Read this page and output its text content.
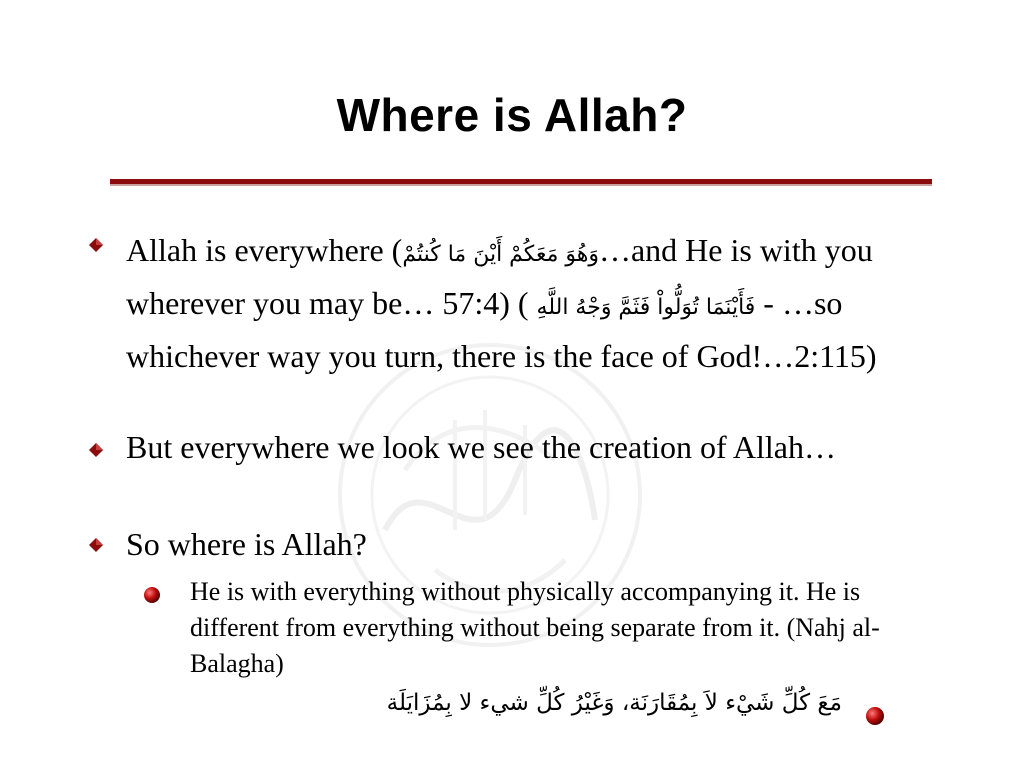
Where is Allah?
Allah is everywhere (وَهُوَ مَعَكُمْ أَيْنَ مَا كُنتُمْ…and He is with you wherever you may be… 57:4) ( فَأَيْنَمَا تُوَلُّواْ فَثَمَّ وَجْهُ اللَّهِ - …so whichever way you turn, there is the face of God!…2:115)
But everywhere we look we see the creation of Allah…
So where is Allah?
He is with everything without physically accompanying it. He is different from everything without being separate from it. (Nahj al-Balagha)
مَعَ كُلِّ شَيْء لاَ بِمُقَارَنَة، وَغَيْرُ كُلِّ شيء لا بِمُزَايَلَة
